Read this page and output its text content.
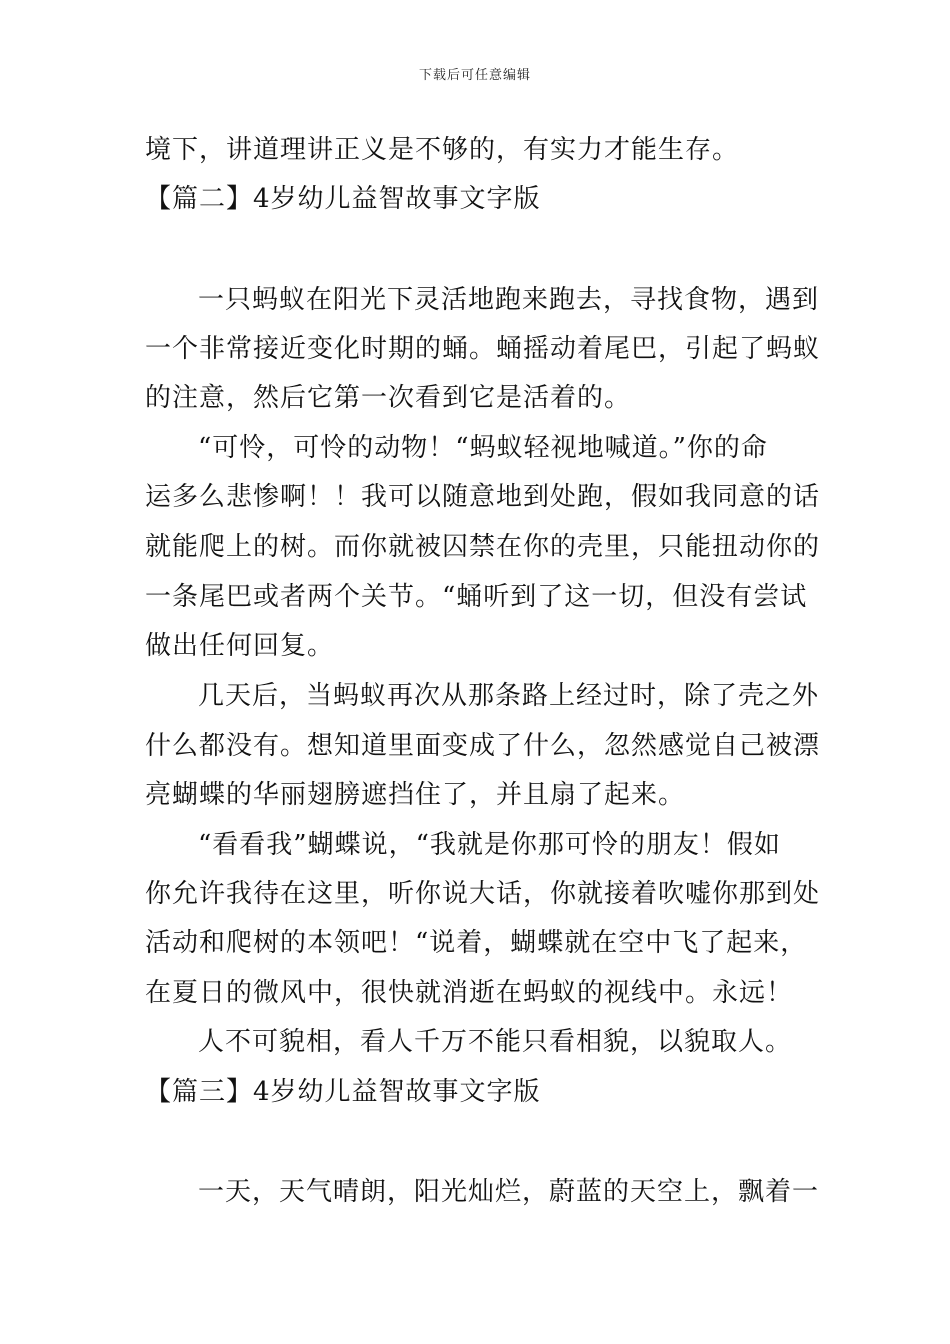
下载后可任意编辑
境下，讲道理讲正义是不够的，有实力才能生存。
【篇二】4岁幼儿益智故事文字版
一只蚂蚁在阳光下灵活地跑来跑去，寻找食物，遇到
一个非常接近变化时期的蛹。蛹摇动着尾巴，引起了蚂蚁
的注意，然后它第一次看到它是活着的。
“可怜，可怜的动物！“蚂蚁轻视地喊道。”你的命
运多么悲惨啊！！我可以随意地到处跑，假如我同意的话
就能爬上的树。而你就被囚禁在你的壳里，只能扭动你的
一条尾巴或者两个关节。“蛹听到了这一切，但没有尝试
做出任何回复。
几天后，当蚂蚁再次从那条路上经过时，除了壳之外
什么都没有。想知道里面变成了什么，忽然感觉自己被漂
亮蝴蝶的华丽翅膀遮挡住了，并且扇了起来。
“看看我”蝴蝶说，“我就是你那可怜的朋友！假如
你允许我待在这里，听你说大话，你就接着吹嘘你那到处
活动和爬树的本领吧！“说着，蝴蝶就在空中飞了起来，
在夏日的微风中，很快就消逝在蚂蚁的视线中。永远！
人不可貌相，看人千万不能只看相貌，以貌取人。
【篇三】4岁幼儿益智故事文字版
一天，天气晴朗，阳光灿烂，蔚蓝的天空上，飘着一
